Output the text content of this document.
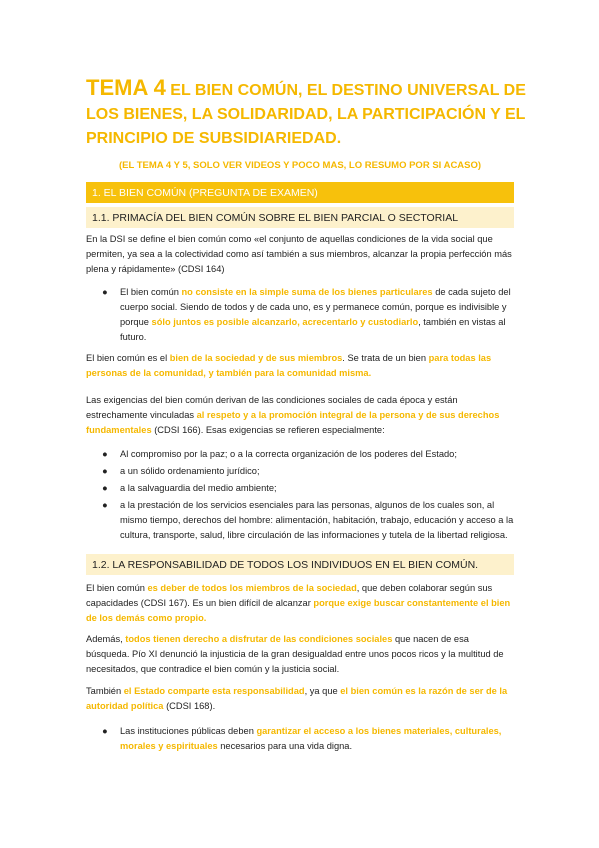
TEMA 4 EL BIEN COMÚN, EL DESTINO UNIVERSAL DE LOS BIENES, LA SOLIDARIDAD, LA PARTICIPACIÓN Y EL PRINCIPIO DE SUBSIDIARIEDAD.
(EL TEMA 4 Y 5, SOLO VER VIDEOS Y POCO MAS, LO RESUMO POR SI ACASO)
1. EL BIEN COMÚN (PREGUNTA DE EXAMEN)
1.1. PRIMACÍA DEL BIEN COMÚN SOBRE EL BIEN PARCIAL O SECTORIAL

En la DSI se define el bien común como «el conjunto de aquellas condiciones de la vida social que permiten, ya sea a la colectividad como así también a sus miembros, alcanzar la propia perfección más plena y rápidamente» (CDSI 164)

● El bien común no consiste en la simple suma de los bienes particulares de cada sujeto del cuerpo social. Siendo de todos y de cada uno, es y permanece común, porque es indivisible y porque sólo juntos es posible alcanzarlo, acrecentarlo y custodiarlo, también en vistas al futuro.

El bien común es el bien de la sociedad y de sus miembros. Se trata de un bien para todas las personas de la comunidad, y también para la comunidad misma.

Las exigencias del bien común derivan de las condiciones sociales de cada época y están estrechamente vinculadas al respeto y a la promoción integral de la persona y de sus derechos fundamentales (CDSI 166). Esas exigencias se refieren especialmente:

● Al compromiso por la paz; o a la correcta organización de los poderes del Estado;
● a un sólido ordenamiento jurídico;
● a la salvaguardia del medio ambiente;
● a la prestación de los servicios esenciales para las personas, algunos de los cuales son, al mismo tiempo, derechos del hombre: alimentación, habitación, trabajo, educación y acceso a la cultura, transporte, salud, libre circulación de las informaciones y tutela de la libertad religiosa.
1.2. LA RESPONSABILIDAD DE TODOS LOS INDIVIDUOS EN EL BIEN COMÚN.

El bien común es deber de todos los miembros de la sociedad, que deben colaborar según sus capacidades (CDSI 167). Es un bien difícil de alcanzar porque exige buscar constantemente el bien de los demás como propio.

Además, todos tienen derecho a disfrutar de las condiciones sociales que nacen de esa búsqueda. Pío XI denunció la injusticia de la gran desigualdad entre unos pocos ricos y la multitud de necesitados, que contradice el bien común y la justicia social.

También el Estado comparte esta responsabilidad, ya que el bien común es la razón de ser de la autoridad política (CDSI 168).

● Las instituciones públicas deben garantizar el acceso a los bienes materiales, culturales, morales y espirituales necesarios para una vida digna.
